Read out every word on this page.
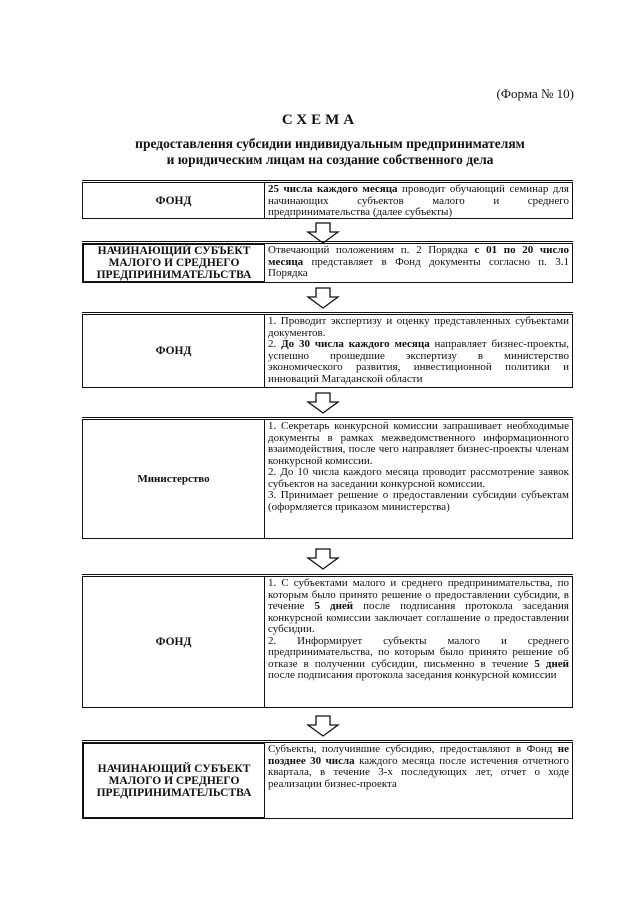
(Форма № 10)
СХЕМА
предоставления субсидии индивидуальным предпринимателям
и юридическим лицам на создание собственного дела
ФОНД
25 числа каждого месяца проводит обучающий семинар для начинающих субъектов малого и среднего предпринимательства (далее субъекты)
НАЧИНАЮЩИЙ СУБЪЕКТ МАЛОГО И СРЕДНЕГО ПРЕДПРИНИМАТЕЛЬСТВА
Отвечающий положениям п. 2 Порядка с 01 по 20 число месяца представляет в Фонд документы согласно п. 3.1 Порядка
ФОНД
1. Проводит экспертизу и оценку представленных субъектами документов.
2. До 30 числа каждого месяца направляет бизнес-проекты, успешно прошедшие экспертизу в министерство экономического развития, инвестиционной политики и инноваций Магаданской области
Министерство
1. Секретарь конкурсной комиссии запрашивает необходимые документы в рамках межведомственного информационного взаимодействия, после чего направляет бизнес-проекты членам конкурсной комиссии.
2. До 10 числа каждого месяца проводит рассмотрение заявок субъектов на заседании конкурсной комиссии.
3. Принимает решение о предоставлении субсидии субъектам (оформляется приказом министерства)
ФОНД
1. С субъектами малого и среднего предпринимательства, по которым было принято решение о предоставлении субсидии, в течение 5 дней после подписания протокола заседания конкурсной комиссии заключает соглашение о предоставлении субсидии.
2. Информирует субъекты малого и среднего предпринимательства, по которым было принято решение об отказе в получении субсидии, письменно в течение 5 дней после подписания протокола заседания конкурсной комиссии
НАЧИНАЮЩИЙ СУБЪЕКТ МАЛОГО И СРЕДНЕГО ПРЕДПРИНИМАТЕЛЬСТВА
Субъекты, получившие субсидию, предоставляют в Фонд не позднее 30 числа каждого месяца после истечения отчетного квартала, в течение 3-х последующих лет, отчет о ходе реализации бизнес-проекта
